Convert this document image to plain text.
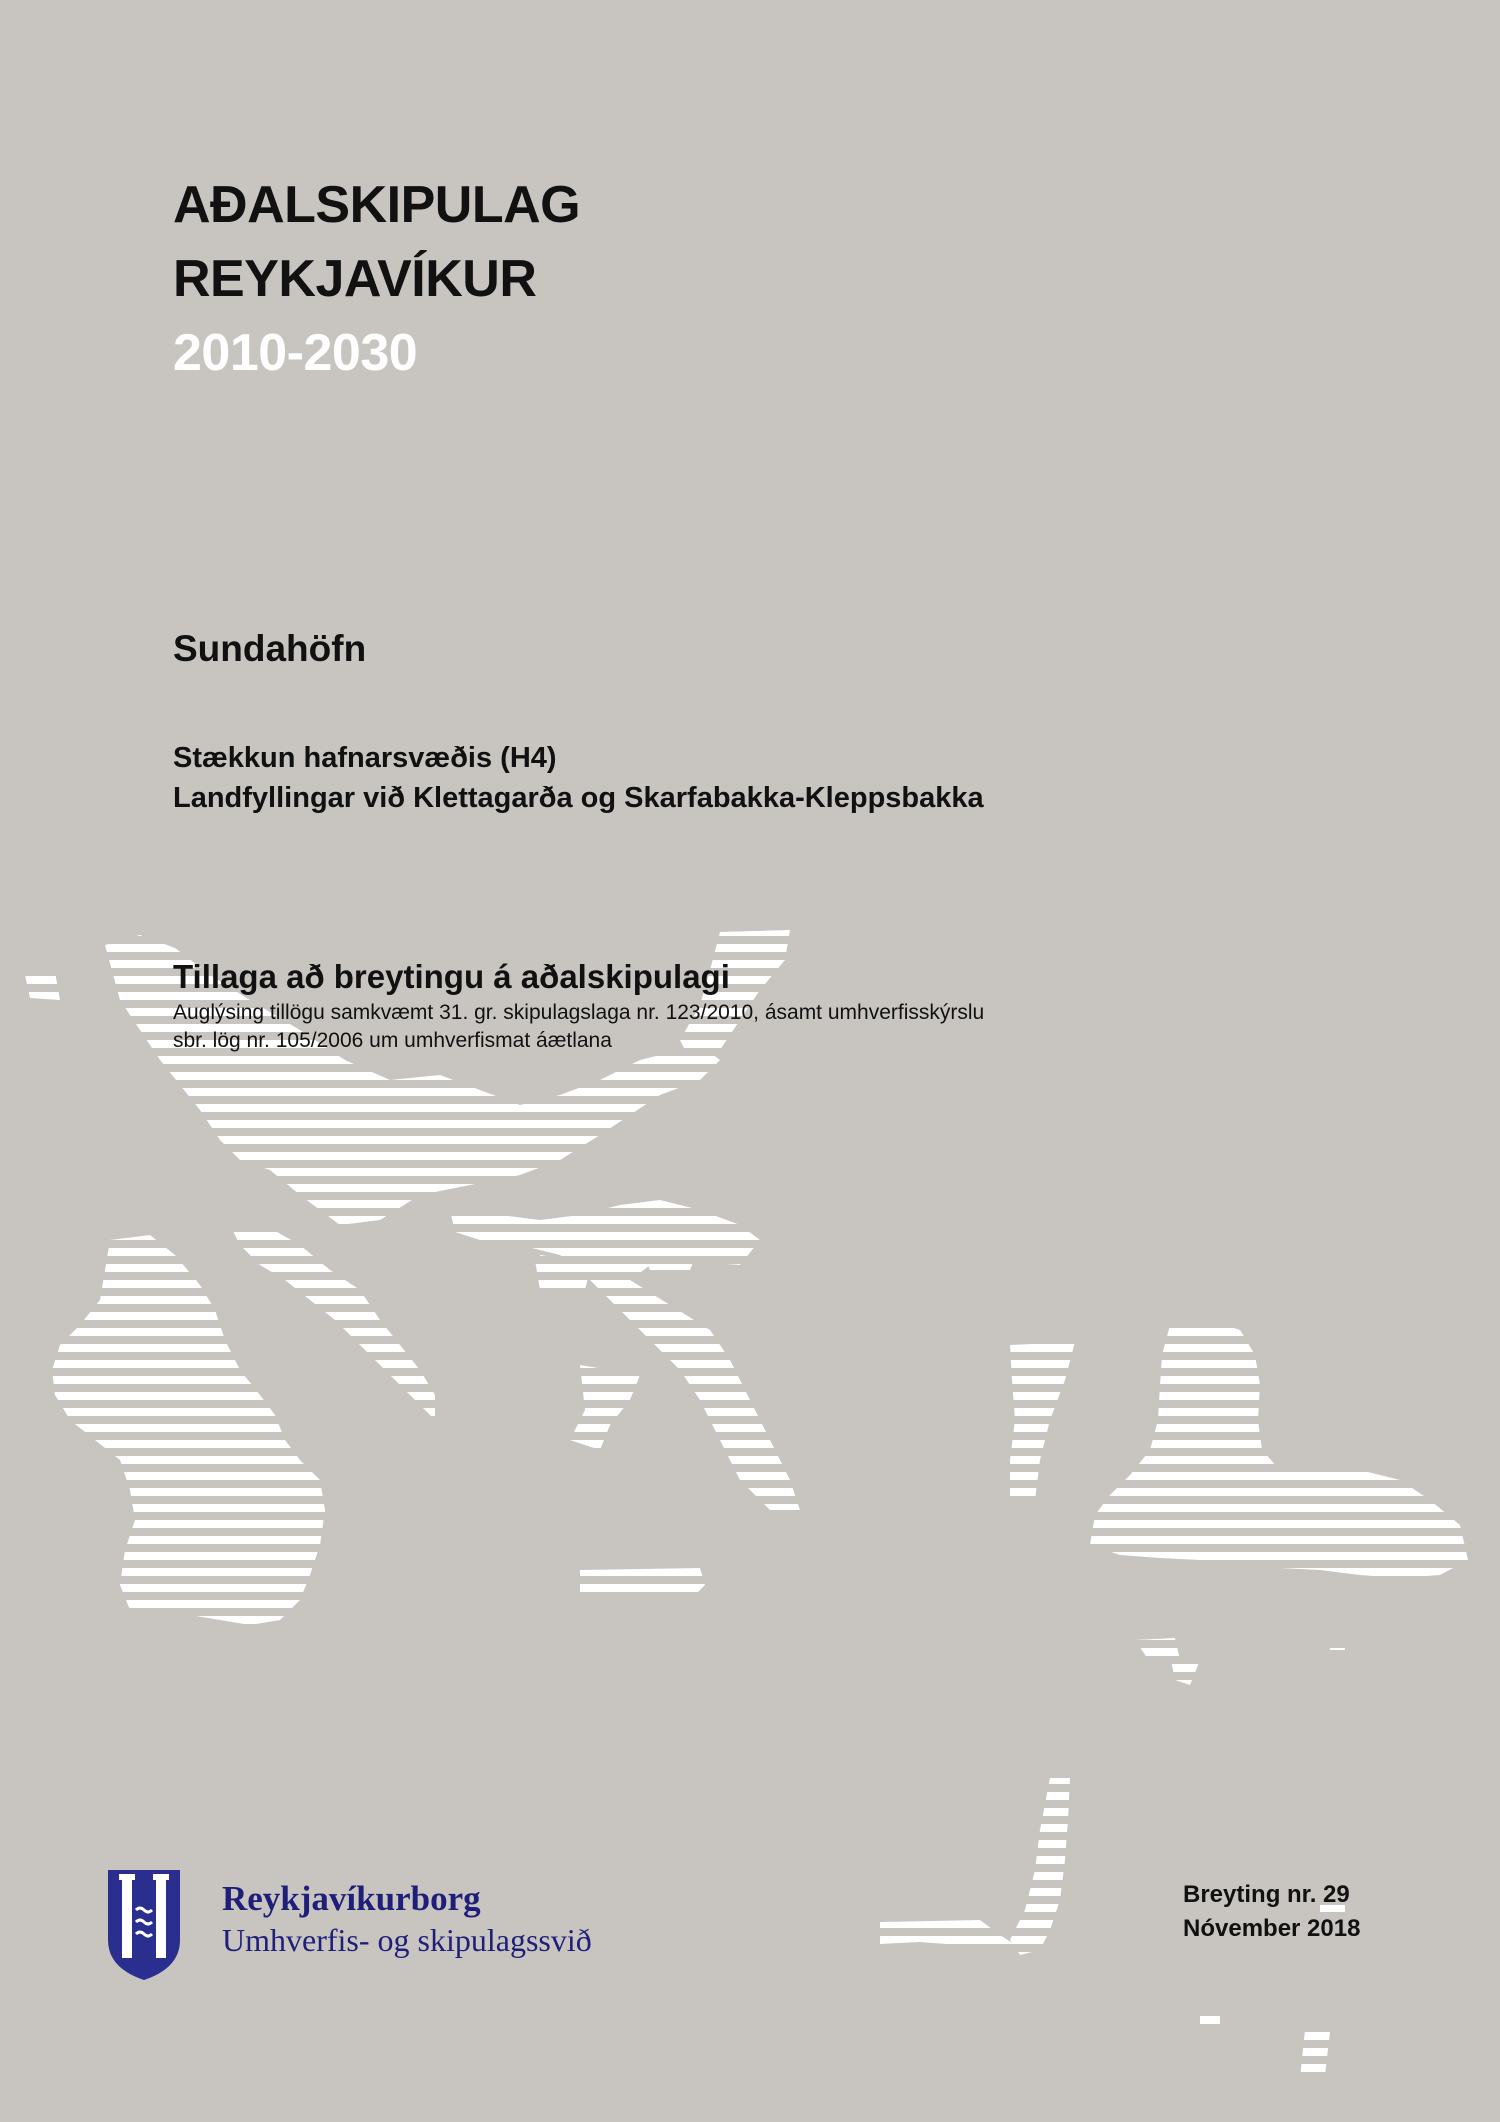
AÐALSKIPULAG
REYKJAVÍKUR
2010-2030
Sundahöfn
Stækkun hafnarsvæðis (H4)
Landfyllingar við Klettagarða og Skarfabakka-Kleppsbakka
Tillaga að breytingu á aðalskipulagi
Auglýsing tillögu samkvæmt 31. gr. skipulagslaga nr. 123/2010, ásamt umhverfisskýrslu
sbr. lög nr. 105/2006 um umhverfismat áætlana
Reykjavíkurborg
Umhverfis- og skipulagssvið
Breyting nr. 29
Nóvember 2018
